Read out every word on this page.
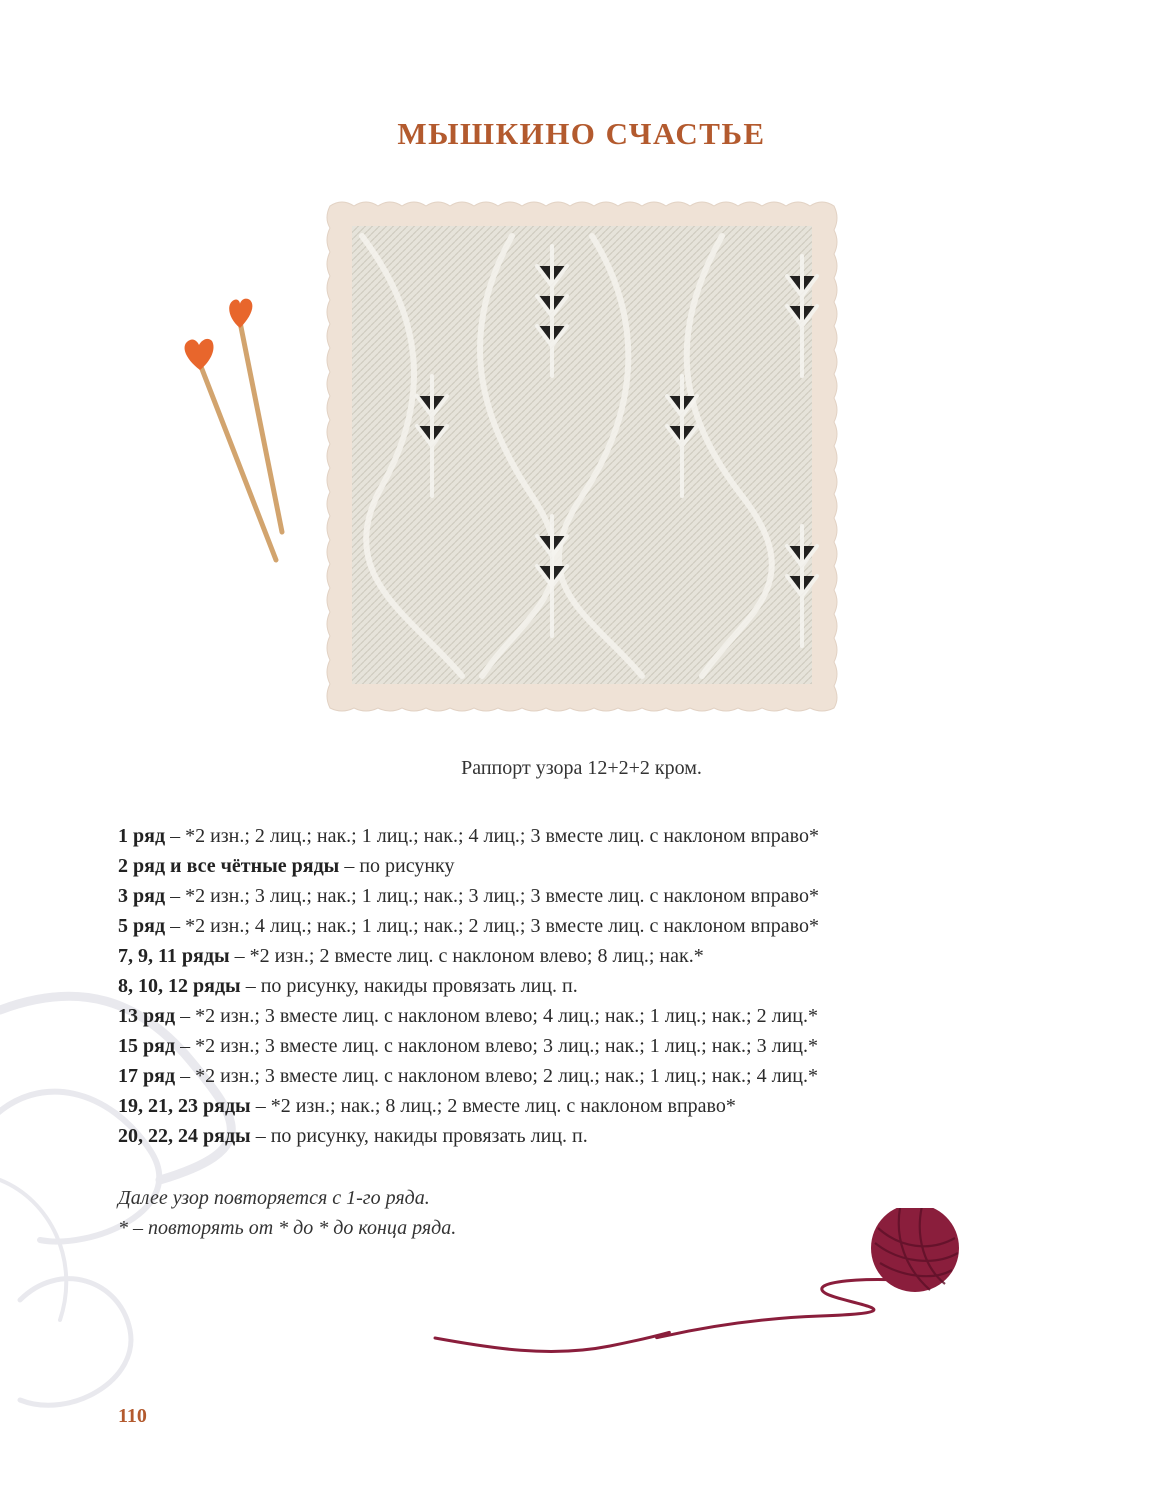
МЫШКИНО СЧАСТЬЕ
Раппорт узора 12+2+2 кром.
1 ряд – *2 изн.; 2 лиц.; нак.; 1 лиц.; нак.; 4 лиц.; 3 вместе лиц. с наклоном вправо*
2 ряд и все чётные ряды – по рисунку
3 ряд – *2 изн.; 3 лиц.; нак.; 1 лиц.; нак.; 3 лиц.; 3 вместе лиц. с наклоном вправо*
5 ряд – *2 изн.; 4 лиц.; нак.; 1 лиц.; нак.; 2 лиц.; 3 вместе лиц. с наклоном вправо*
7, 9, 11 ряды – *2 изн.; 2 вместе лиц. с наклоном влево; 8 лиц.; нак.*
8, 10, 12 ряды – по рисунку, накиды провязать лиц. п.
13 ряд – *2 изн.; 3 вместе лиц. с наклоном влево; 4 лиц.; нак.; 1 лиц.; нак.; 2 лиц.*
15 ряд – *2 изн.; 3 вместе лиц. с наклоном влево; 3 лиц.; нак.; 1 лиц.; нак.; 3 лиц.*
17 ряд – *2 изн.; 3 вместе лиц. с наклоном влево; 2 лиц.; нак.; 1 лиц.; нак.; 4 лиц.*
19, 21, 23 ряды – *2 изн.; нак.; 8 лиц.; 2 вместе лиц. с наклоном вправо*
20, 22, 24 ряды – по рисунку, накиды провязать лиц. п.
Далее узор повторяется с 1-го ряда.
* – повторять от * до * до конца ряда.
110
